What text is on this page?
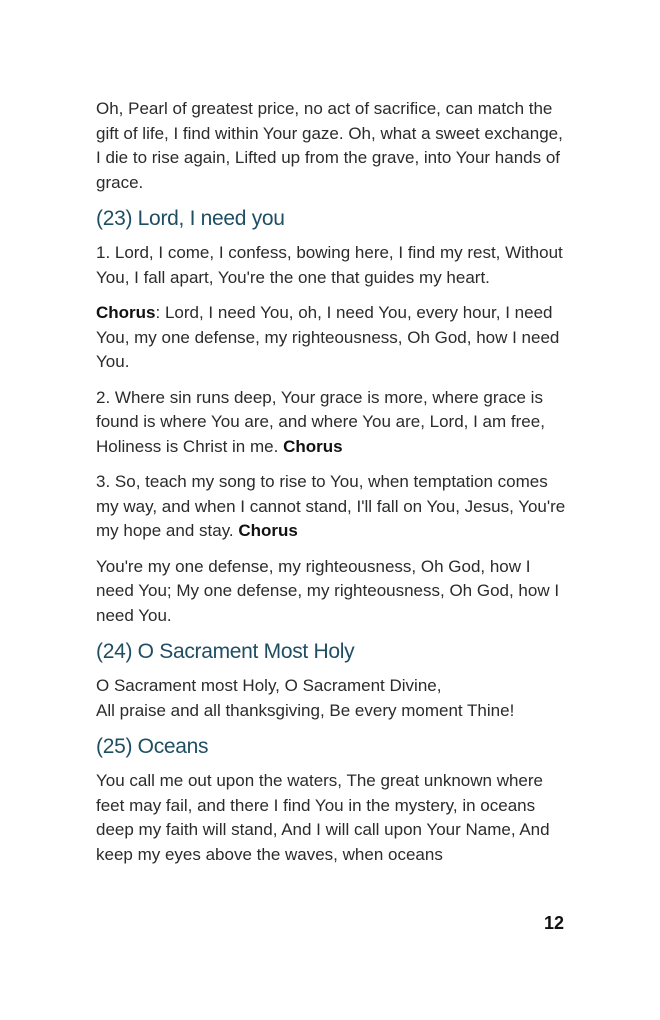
Oh, Pearl of greatest price, no act of sacrifice, can match the gift of life, I find within Your gaze. Oh, what a sweet exchange, I die to rise again, Lifted up from the grave, into Your hands of grace.

(23) Lord, I need you

1. Lord, I come, I confess, bowing here, I find my rest, Without You, I fall apart, You're the one that guides my heart.

Chorus: Lord, I need You, oh, I need You, every hour, I need You, my one defense, my righteousness, Oh God, how I need You.

2. Where sin runs deep, Your grace is more, where grace is found is where You are, and where You are, Lord, I am free, Holiness is Christ in me. Chorus

3. So, teach my song to rise to You, when temptation comes my way, and when I cannot stand, I'll fall on You, Jesus, You're my hope and stay. Chorus

You're my one defense, my righteousness, Oh God, how I need You; My one defense, my righteousness, Oh God, how I need You.

(24) O Sacrament Most Holy

O Sacrament most Holy, O Sacrament Divine,
All praise and all thanksgiving, Be every moment Thine!

(25) Oceans

You call me out upon the waters, The great unknown where feet may fail, and there I find You in the mystery, in oceans deep my faith will stand, And I will call upon Your Name, And keep my eyes above the waves, when oceans

12
